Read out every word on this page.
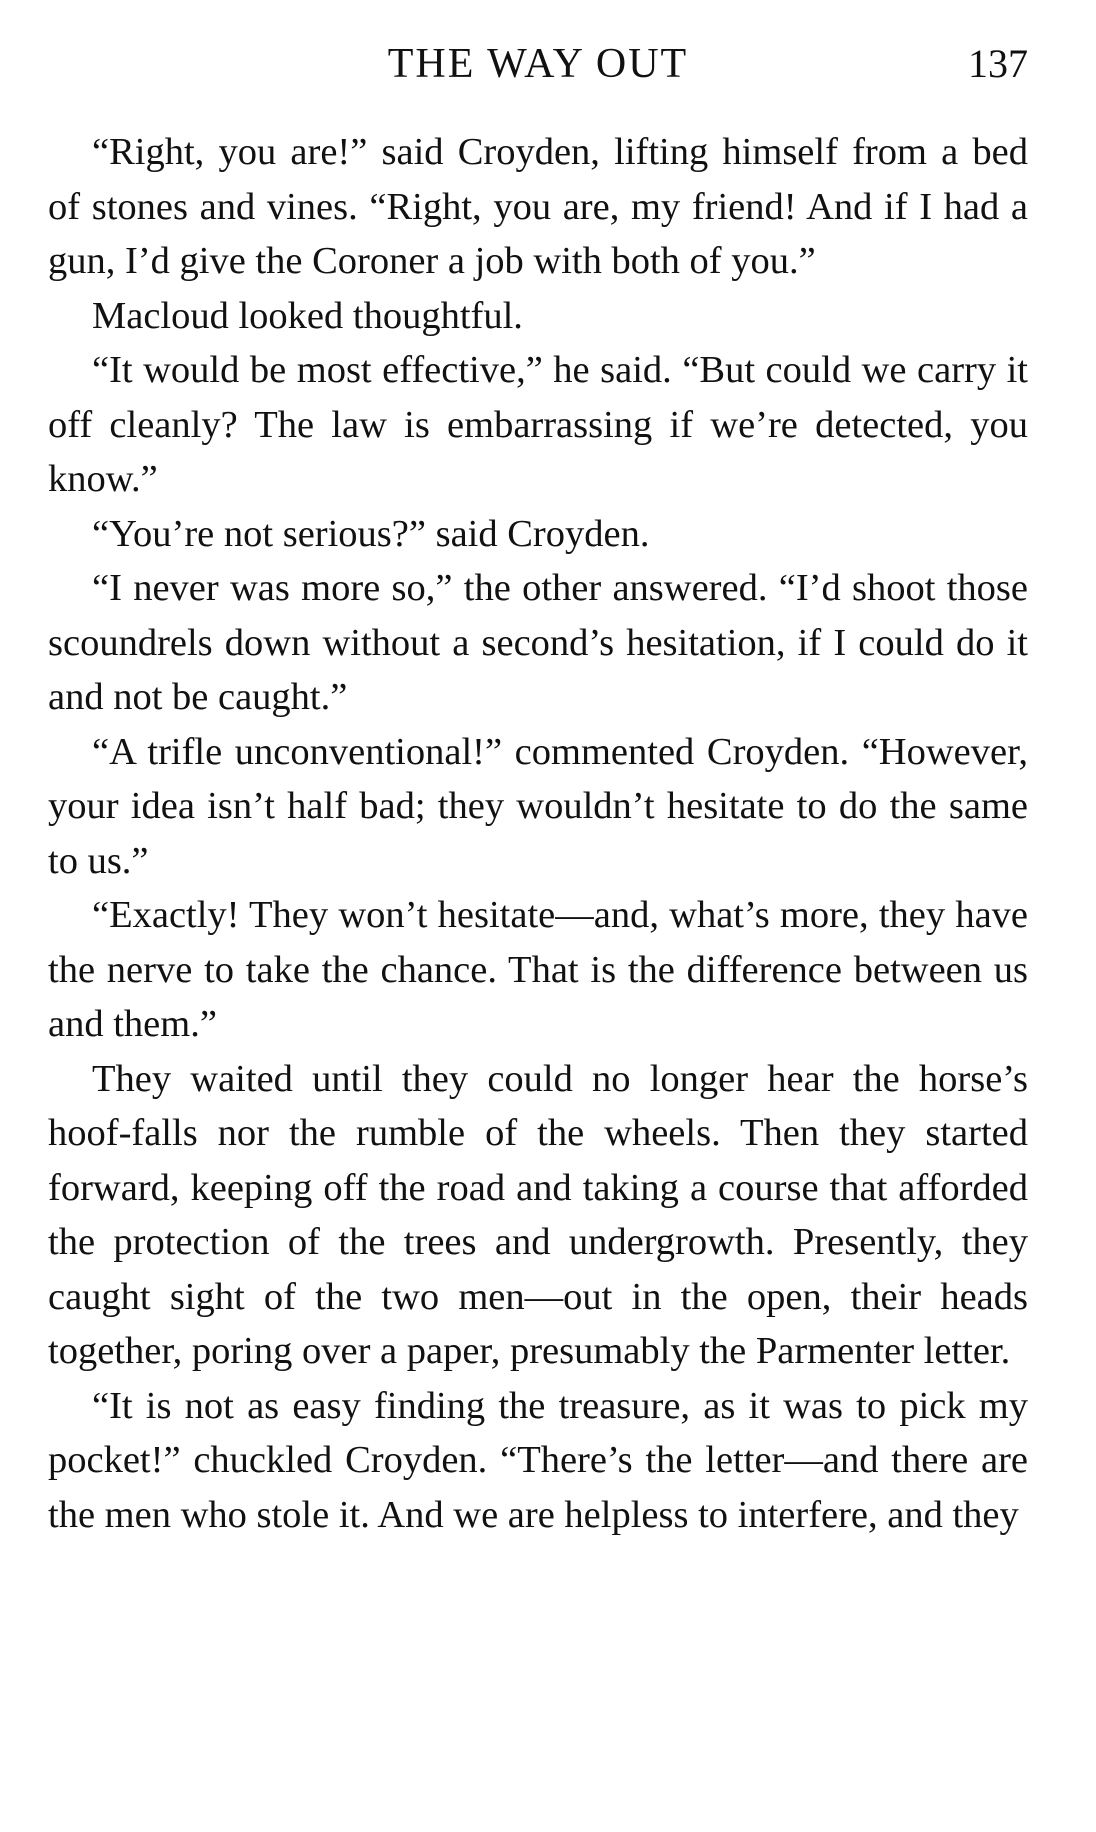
THE WAY OUT	137

“Right, you are!” said Croyden, lifting himself from a bed of stones and vines. “Right, you are, my friend! And if I had a gun, I’d give the Coroner a job with both of you.”

Macloud looked thoughtful.

“It would be most effective,” he said. “But could we carry it off cleanly? The law is embarrassing if we’re detected, you know.”

“You’re not serious?” said Croyden.

“I never was more so,” the other answered. “I’d shoot those scoundrels down without a second’s hesitation, if I could do it and not be caught.”

“A trifle unconventional!” commented Croyden. “However, your idea isn’t half bad; they wouldn’t hesitate to do the same to us.”

“Exactly! They won’t hesitate—and, what’s more, they have the nerve to take the chance. That is the difference between us and them.”

They waited until they could no longer hear the horse’s hoof-falls nor the rumble of the wheels. Then they started forward, keeping off the road and taking a course that afforded the protection of the trees and undergrowth. Presently, they caught sight of the two men—out in the open, their heads together, poring over a paper, presumably the Parmenter letter.

“It is not as easy finding the treasure, as it was to pick my pocket!” chuckled Croyden. “There’s the letter—and there are the men who stole it. And we are helpless to interfere, and they
